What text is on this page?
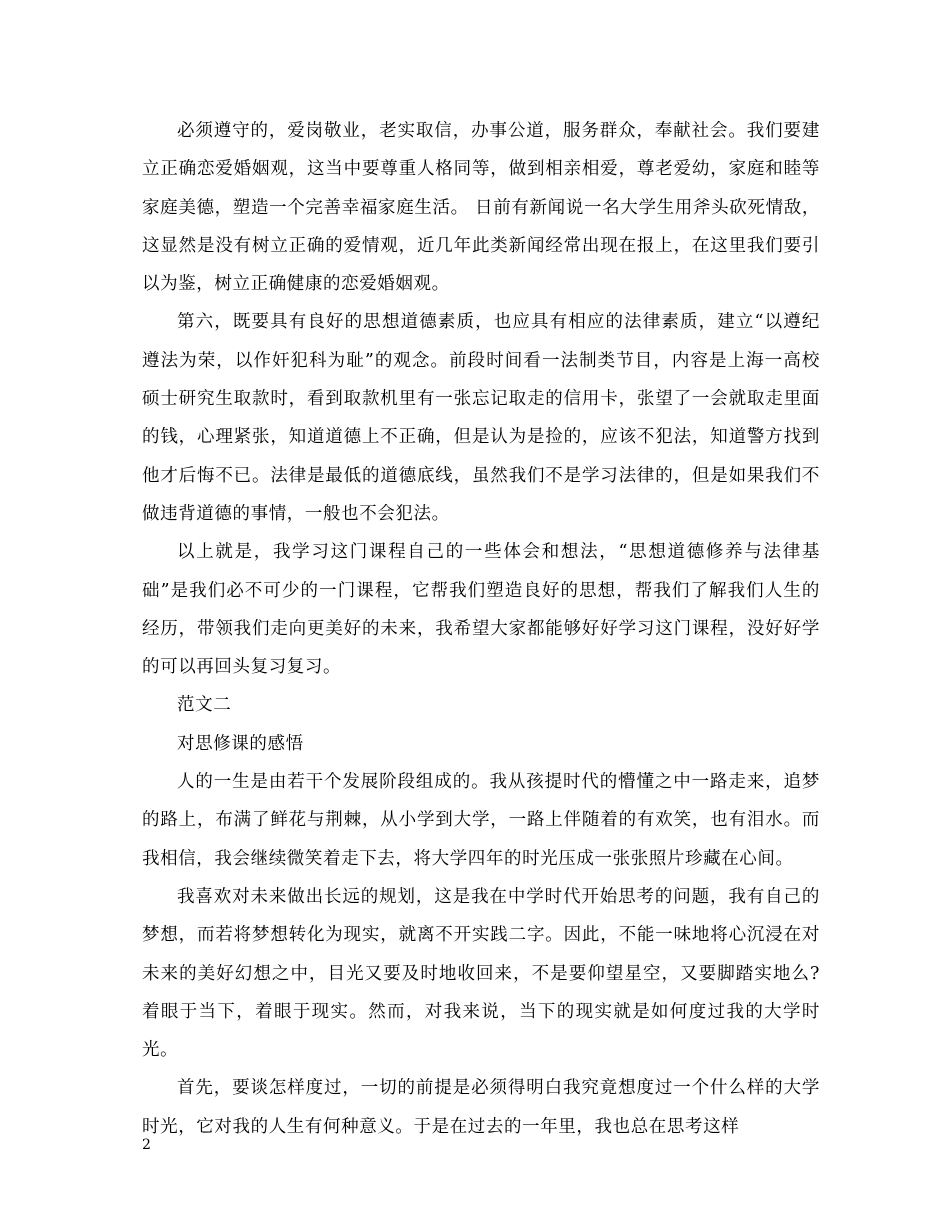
必须遵守的，爱岗敬业，老实取信，办事公道，服务群众，奉献社会。我们要建立正确恋爱婚姻观，这当中要尊重人格同等，做到相亲相爱，尊老爱幼，家庭和睦等家庭美德，塑造一个完善幸福家庭生活。 日前有新闻说一名大学生用斧头砍死情敌，这显然是没有树立正确的爱情观，近几年此类新闻经常出现在报上，在这里我们要引以为鉴，树立正确健康的恋爱婚姻观。

第六，既要具有良好的思想道德素质，也应具有相应的法律素质，建立“以遵纪遵法为荣，以作奸犯科为耻”的观念。前段时间看一法制类节目，内容是上海一高校硕士研究生取款时，看到取款机里有一张忘记取走的信用卡，张望了一会就取走里面的钱，心理紧张，知道道德上不正确，但是认为是捡的，应该不犯法，知道警方找到他才后悔不已。法律是最低的道德底线，虽然我们不是学习法律的，但是如果我们不做违背道德的事情，一般也不会犯法。

以上就是，我学习这门课程自己的一些体会和想法，“思想道德修养与法律基础”是我们必不可少的一门课程，它帮我们塑造良好的思想，帮我们了解我们人生的经历，带领我们走向更美好的未来，我希望大家都能够好好学习这门课程，没好好学的可以再回头复习复习。

范文二

对思修课的感悟

人的一生是由若干个发展阶段组成的。我从孩提时代的懵懂之中一路走来，追梦的路上，布满了鲜花与荆棘，从小学到大学，一路上伴随着的有欢笑，也有泪水。而我相信，我会继续微笑着走下去，将大学四年的时光压成一张张照片珍藏在心间。

我喜欢对未来做出长远的规划，这是我在中学时代开始思考的问题，我有自己的梦想，而若将梦想转化为现实，就离不开实践二字。因此，不能一味地将心沉浸在对未来的美好幻想之中，目光又要及时地收回来，不是要仰望星空，又要脚踏实地么?着眼于当下，着眼于现实。然而，对我来说，当下的现实就是如何度过我的大学时光。

首先，要谈怎样度过，一切的前提是必须得明白我究竟想度过一个什么样的大学时光，它对我的人生有何种意义。于是在过去的一年里，我也总在思考这样

2
